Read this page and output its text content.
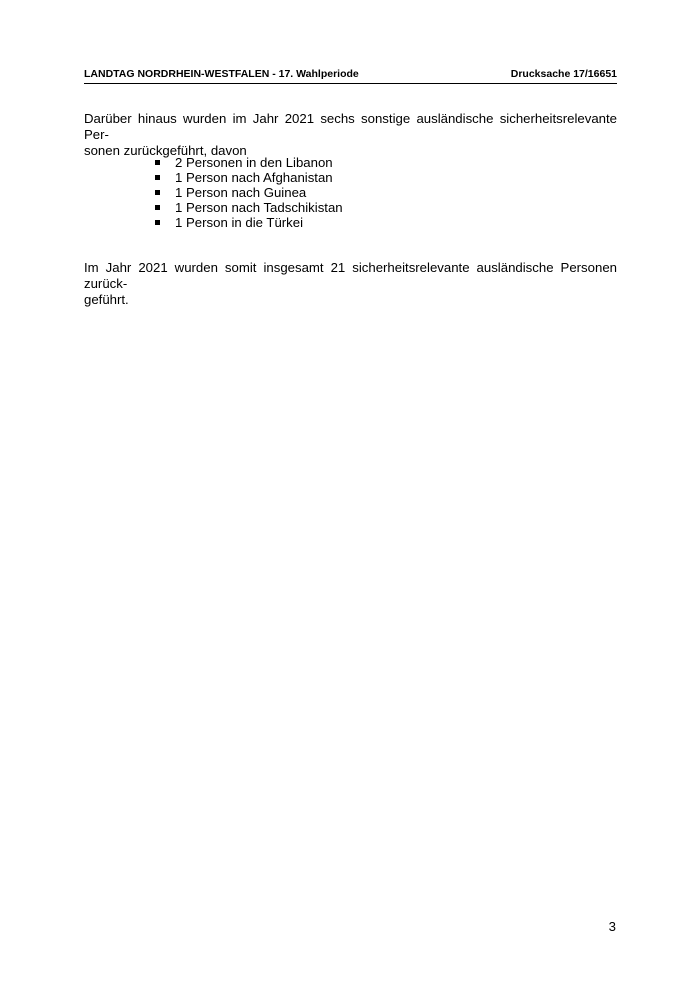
LANDTAG NORDRHEIN-WESTFALEN - 17. Wahlperiode	Drucksache 17/16651

Darüber hinaus wurden im Jahr 2021 sechs sonstige ausländische sicherheitsrelevante Per-
sonen zurückgeführt, davon

2 Personen in den Libanon
1 Person nach Afghanistan
1 Person nach Guinea
1 Person nach Tadschikistan
1 Person in die Türkei

Im Jahr 2021 wurden somit insgesamt 21 sicherheitsrelevante ausländische Personen zurück-
geführt.

3
